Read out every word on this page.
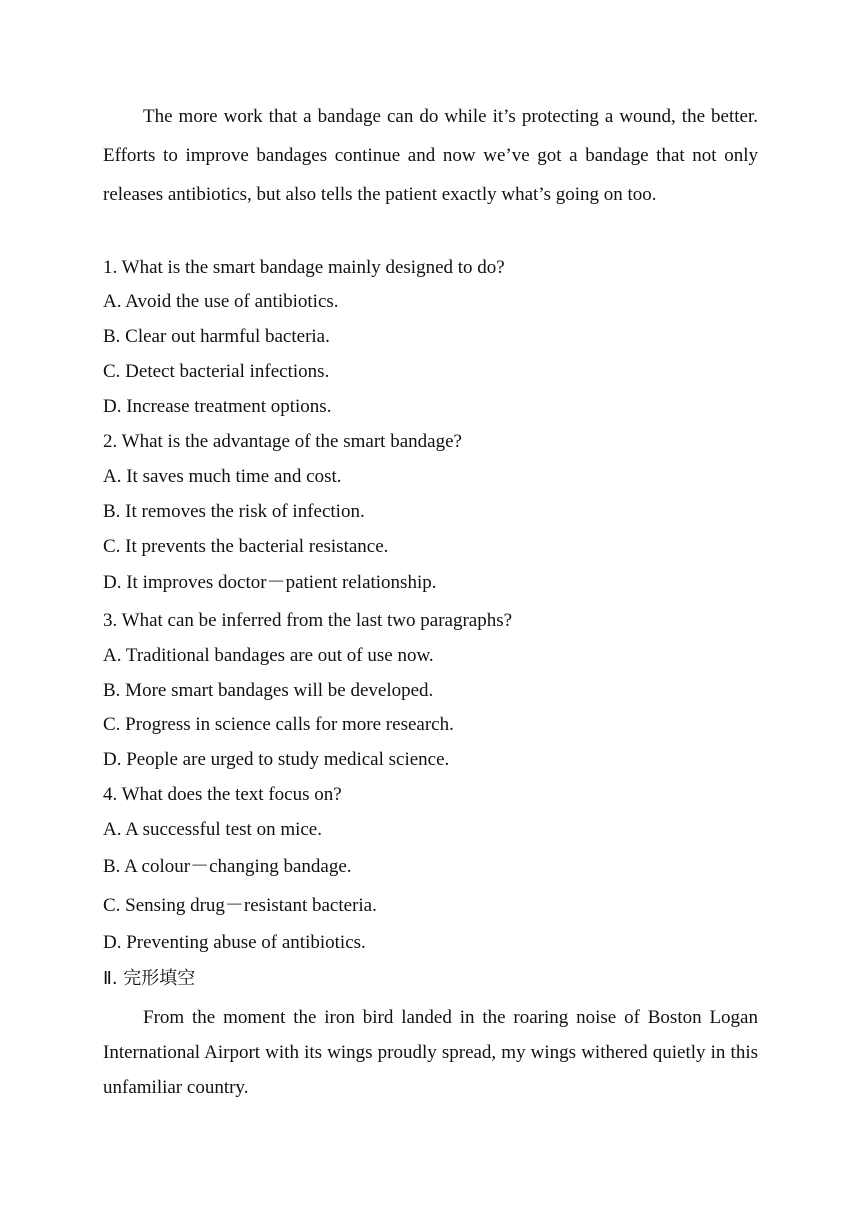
The more work that a bandage can do while it’s protecting a wound, the better. Efforts to improve bandages continue and now we’ve got a bandage that not only releases antibiotics, but also tells the patient exactly what’s going on too.

1. What is the smart bandage mainly designed to do?
A. Avoid the use of antibiotics.
B. Clear out harmful bacteria.
C. Detect bacterial infections.
D. Increase treatment options.
2. What is the advantage of the smart bandage?
A. It saves much time and cost.
B. It removes the risk of infection.
C. It prevents the bacterial resistance.
D. It improves doctor－patient relationship.
3. What can be inferred from the last two paragraphs?
A. Traditional bandages are out of use now.
B. More smart bandages will be developed.
C. Progress in science calls for more research.
D. People are urged to study medical science.
4. What does the text focus on?
A. A successful test on mice.
B. A colour－changing bandage.
C. Sensing drug－resistant bacteria.
D. Preventing abuse of antibiotics.
Ⅱ. 完形填空

From the moment the iron bird landed in the roaring noise of Boston Logan International Airport with its wings proudly spread, my wings withered quietly in this unfamiliar country.
